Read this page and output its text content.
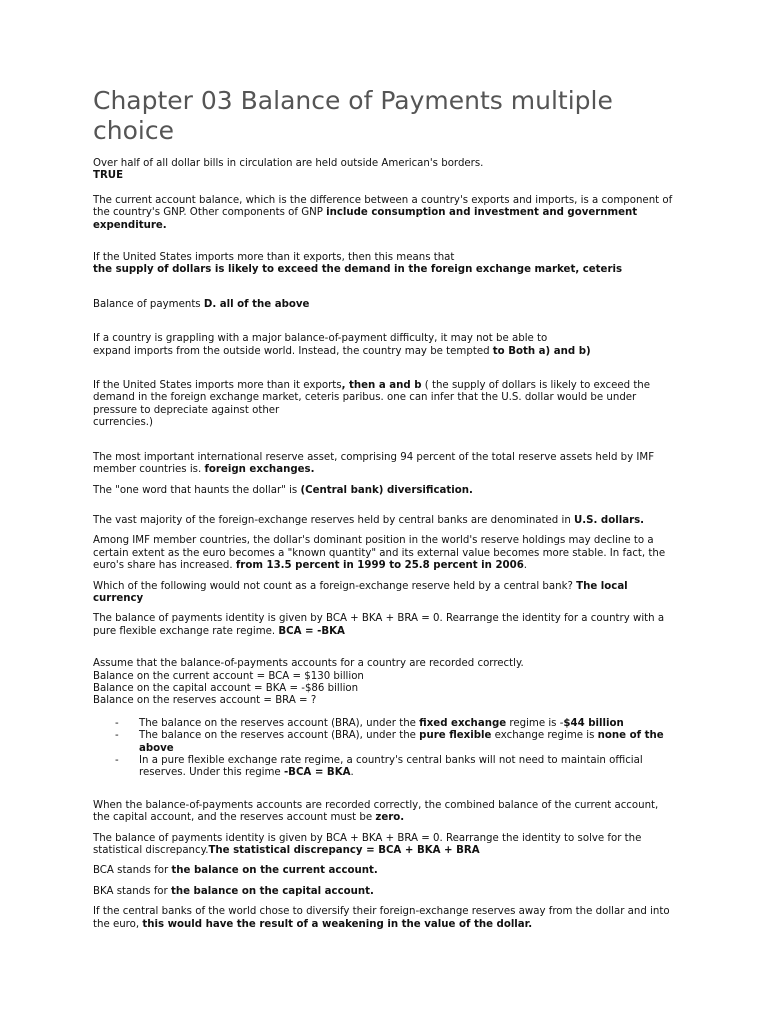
Chapter 03 Balance of Payments multiple choice

Over half of all dollar bills in circulation are held outside American's borders.

TRUE

The current account balance, which is the difference between a country's exports and imports, is a component of the country's GNP. Other components of GNP include consumption and investment and government expenditure.

If the United States imports more than it exports, then this means that

the supply of dollars is likely to exceed the demand in the foreign exchange market, ceteris

Balance of payments D. all of the above

If a country is grappling with a major balance-of-payment difficulty, it may not be able to

expand imports from the outside world. Instead, the country may be tempted to Both a) and b)

If the United States imports more than it exports, then a and b ( the supply of dollars is likely to exceed the demand in the foreign exchange market, ceteris paribus. one can infer that the U.S. dollar would be under pressure to depreciate against other

currencies.)

The most important international reserve asset, comprising 94 percent of the total reserve assets held by IMF member countries is. foreign exchanges.

The "one word that haunts the dollar" is (Central bank) diversification.

The vast majority of the foreign-exchange reserves held by central banks are denominated in U.S. dollars.

Among IMF member countries, the dollar's dominant position in the world's reserve holdings may decline to a certain extent as the euro becomes a "known quantity" and its external value becomes more stable. In fact, the euro's share has increased. from 13.5 percent in 1999 to 25.8 percent in 2006.

Which of the following would not count as a foreign-exchange reserve held by a central bank? The local currency

The balance of payments identity is given by BCA + BKA + BRA = 0. Rearrange the identity for a country with a pure flexible exchange rate regime. BCA = -BKA

Assume that the balance-of-payments accounts for a country are recorded correctly.

Balance on the current account = BCA = $130 billion

Balance on the capital account = BKA = -$86 billion

Balance on the reserves account = BRA = ?

- The balance on the reserves account (BRA), under the fixed exchange regime is -$44 billion
- The balance on the reserves account (BRA), under the pure flexible exchange regime is none of the above
- In a pure flexible exchange rate regime, a country's central banks will not need to maintain official reserves. Under this regime -BCA = BKA.

When the balance-of-payments accounts are recorded correctly, the combined balance of the current account, the capital account, and the reserves account must be zero.

The balance of payments identity is given by BCA + BKA + BRA = 0. Rearrange the identity to solve for the statistical discrepancy.The statistical discrepancy = BCA + BKA + BRA

BCA stands for the balance on the current account.

BKA stands for the balance on the capital account.

If the central banks of the world chose to diversify their foreign-exchange reserves away from the dollar and into the euro, this would have the result of a weakening in the value of the dollar.
